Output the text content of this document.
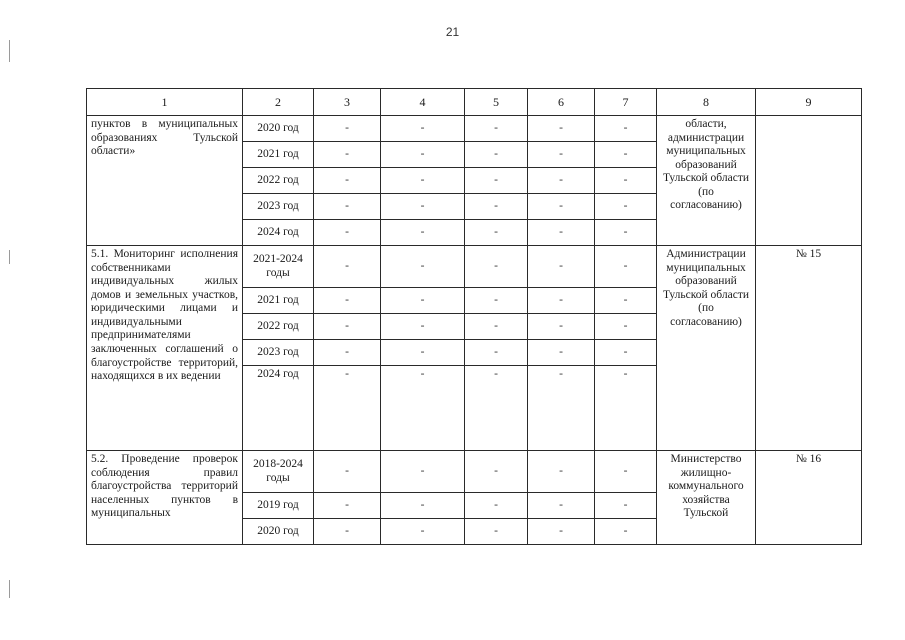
21
1	2	3	4	5	6	7	8	9
пунктов в муниципальных образованиях Тульской области»	2020 год	-	-	-	-	-	области, администрации муниципальных образований Тульской области (по согласованию)	
	2021 год	-	-	-	-	-		
	2022 год	-	-	-	-	-		
	2023 год	-	-	-	-	-		
	2024 год	-	-	-	-	-		
5.1. Мониторинг исполнения собственниками индивидуальных жилых домов и земельных участков, юридическими лицами и индивидуальными предпринимателями заключенных соглашений о благоустройстве территорий, находящихся в их ведении	2021-2024 годы	-	-	-	-	-	Администрации муниципальных образований Тульской области (по согласованию)	№ 15
	2021 год	-	-	-	-	-		
	2022 год	-	-	-	-	-		
	2023 год	-	-	-	-	-		
	2024 год	-	-	-	-	-		
5.2. Проведение проверок соблюдения правил благоустройства территорий населенных пунктов в муниципальных	2018-2024 годы	-	-	-	-	-	Министерство жилищно-коммунального хозяйства Тульской	№ 16
	2019 год	-	-	-	-	-		
	2020 год	-	-	-	-	-		
